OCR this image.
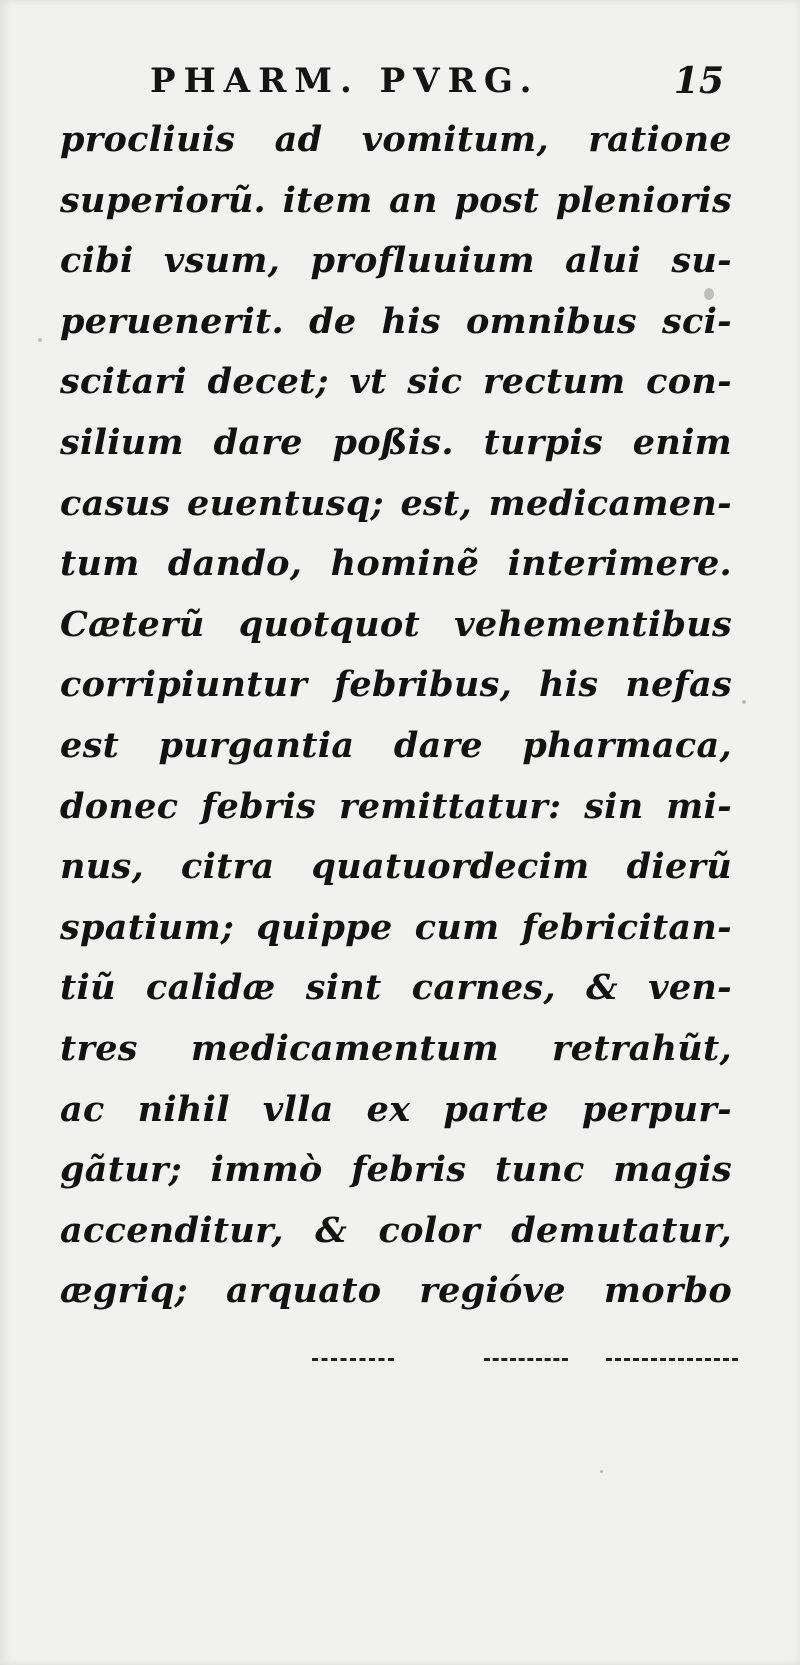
PHARM. PVRG.	15
procliuis ad vomitum, ratione
superiorũ. item an post plenioris
cibi vsum, profluuium alui su-
peruenerit. de his omnibus sci-
scitari decet; vt sic rectum con-
silium dare poßis. turpis enim
casus euentusq; est, medicamen-
tum dando, hominẽ interimere.
Cæterũ quotquot vehementibus
corripiuntur febribus, his nefas
est purgantia dare pharmaca,
donec febris remittatur: sin mi-
nus, citra quatuordecim dierũ
spatium; quippe cum febricitan-
tiũ calidæ sint carnes, & ven-
tres medicamentum retrahũt,
ac nihil vlla ex parte perpur-
gãtur; immò febris tunc magis
accenditur, & color demutatur,
ægriq; arquato regióve morbo
